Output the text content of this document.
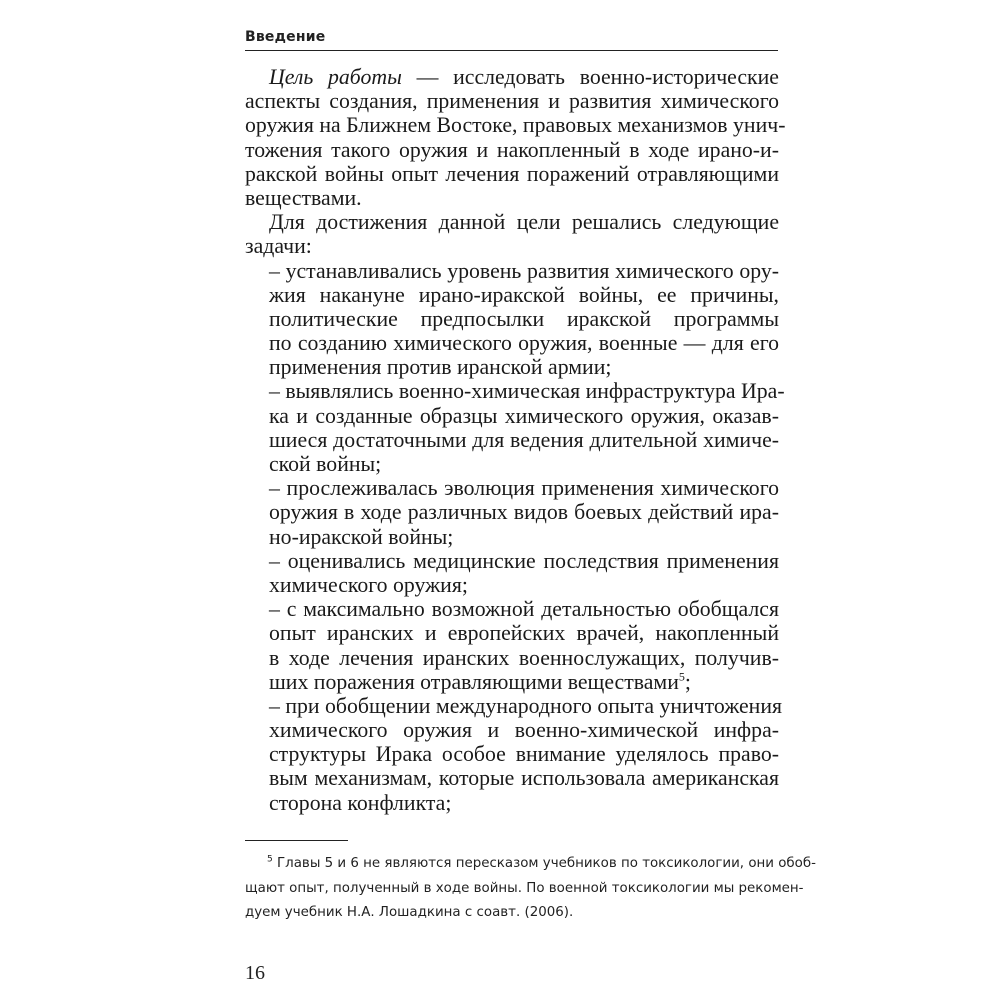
Введение
Цель работы — исследовать военно-исторические
аспекты создания, применения и развития химического
оружия на Ближнем Востоке, правовых механизмов унич-
тожения такого оружия и накопленный в ходе ирано-и-
ракской войны опыт лечения поражений отравляющими
веществами.
Для достижения данной цели решались следующие
задачи:
– устанавливались уровень развития химического ору-
жия накануне ирано-иракской войны, ее причины,
политические предпосылки иракской программы
по созданию химического оружия, военные — для его
применения против иранской армии;
– выявлялись военно-химическая инфраструктура Ира-
ка и созданные образцы химического оружия, оказав-
шиеся достаточными для ведения длительной химиче-
ской войны;
– прослеживалась эволюция применения химического
оружия в ходе различных видов боевых действий ира-
но-иракской войны;
– оценивались медицинские последствия применения
химического оружия;
– с максимально возможной детальностью обобщался
опыт иранских и европейских врачей, накопленный
в ходе лечения иранских военнослужащих, получив-
ших поражения отравляющими веществами$^5$;
– при обобщении международного опыта уничтожения
химического оружия и военно-химической инфра-
структуры Ирака особое внимание уделялось право-
вым механизмам, которые использовала американская
сторона конфликта;
$^5$ Главы 5 и 6 не являются пересказом учебников по токсикологии, они обоб-
щают опыт, полученный в ходе войны. По военной токсикологии мы рекомен-
дуем учебник Н.А. Лошадкина с соавт. (2006).
16
